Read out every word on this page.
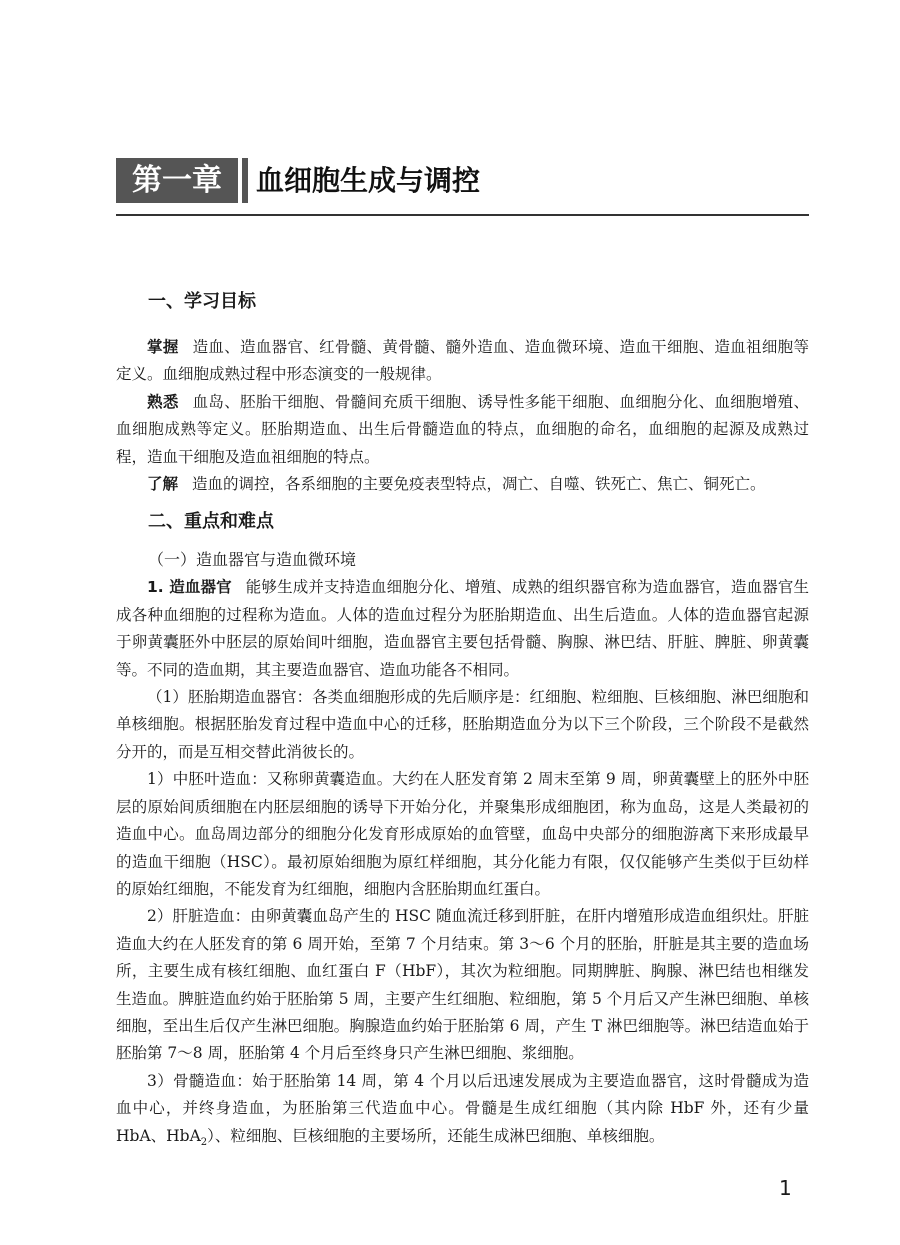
第一章	血细胞生成与调控
一、学习目标

掌握 造血、造血器官、红骨髓、黄骨髓、髓外造血、造血微环境、造血干细胞、造血祖细胞等定义。血细胞成熟过程中形态演变的一般规律。

熟悉 血岛、胚胎干细胞、骨髓间充质干细胞、诱导性多能干细胞、血细胞分化、血细胞增殖、血细胞成熟等定义。胚胎期造血、出生后骨髓造血的特点，血细胞的命名，血细胞的起源及成熟过程，造血干细胞及造血祖细胞的特点。

了解 造血的调控，各系细胞的主要免疫表型特点，凋亡、自噬、铁死亡、焦亡、铜死亡。

二、重点和难点
（一）造血器官与造血微环境

1. 造血器官 能够生成并支持造血细胞分化、增殖、成熟的组织器官称为造血器官，造血器官生成各种血细胞的过程称为造血。人体的造血过程分为胚胎期造血、出生后造血。人体的造血器官起源于卵黄囊胚外中胚层的原始间叶细胞，造血器官主要包括骨髓、胸腺、淋巴结、肝脏、脾脏、卵黄囊等。不同的造血期，其主要造血器官、造血功能各不相同。

（1）胚胎期造血器官：各类血细胞形成的先后顺序是：红细胞、粒细胞、巨核细胞、淋巴细胞和单核细胞。根据胚胎发育过程中造血中心的迁移，胚胎期造血分为以下三个阶段，三个阶段不是截然分开的，而是互相交替此消彼长的。

1）中胚叶造血：又称卵黄囊造血。大约在人胚发育第 2 周末至第 9 周，卵黄囊壁上的胚外中胚层的原始间质细胞在内胚层细胞的诱导下开始分化，并聚集形成细胞团，称为血岛，这是人类最初的造血中心。血岛周边部分的细胞分化发育形成原始的血管壁，血岛中央部分的细胞游离下来形成最早的造血干细胞（HSC）。最初原始细胞为原红样细胞，其分化能力有限，仅仅能够产生类似于巨幼样的原始红细胞，不能发育为红细胞，细胞内含胚胎期血红蛋白。

2）肝脏造血：由卵黄囊血岛产生的 HSC 随血流迁移到肝脏，在肝内增殖形成造血组织灶。肝脏造血大约在人胚发育的第 6 周开始，至第 7 个月结束。第 3～6 个月的胚胎，肝脏是其主要的造血场所，主要生成有核红细胞、血红蛋白 F（HbF），其次为粒细胞。同期脾脏、胸腺、淋巴结也相继发生造血。脾脏造血约始于胚胎第 5 周，主要产生红细胞、粒细胞，第 5 个月后又产生淋巴细胞、单核细胞，至出生后仅产生淋巴细胞。胸腺造血约始于胚胎第 6 周，产生 T 淋巴细胞等。淋巴结造血始于胚胎第 7～8 周，胚胎第 4 个月后至终身只产生淋巴细胞、浆细胞。

3）骨髓造血：始于胚胎第 14 周，第 4 个月以后迅速发展成为主要造血器官，这时骨髓成为造血中心，并终身造血，为胚胎第三代造血中心。骨髓是生成红细胞（其内除 HbF 外，还有少量 HbA、HbA$_2$）、粒细胞、巨核细胞的主要场所，还能生成淋巴细胞、单核细胞。

1
